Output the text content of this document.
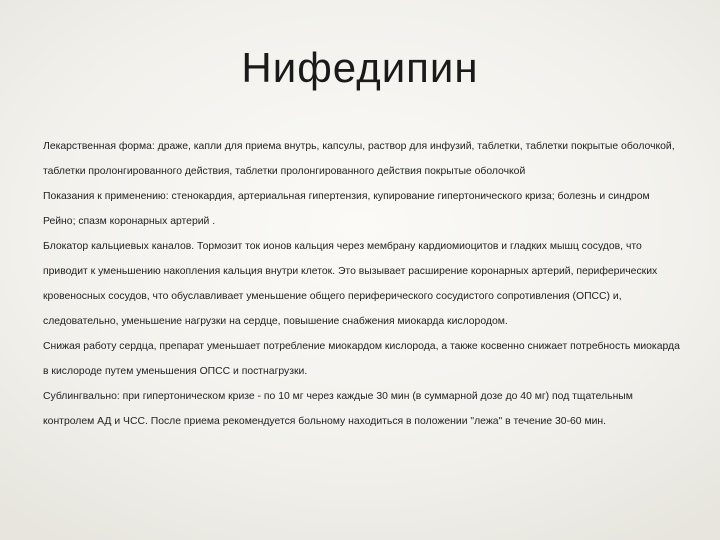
Нифедипин

Лекарственная форма: драже, капли для приема внутрь, капсулы, раствор для инфузий, таблетки, таблетки покрытые оболочкой, таблетки пролонгированного действия, таблетки пролонгированного действия покрытые оболочкой

Показания к применению: стенокардия, артериальная гипертензия, купирование гипертонического криза; болезнь и синдром Рейно; спазм коронарных артерий .

Блокатор кальциевых каналов. Тормозит ток ионов кальция через мембрану кардиомиоцитов и гладких мышц сосудов, что приводит к уменьшению накопления кальция внутри клеток. Это вызывает расширение коронарных артерий, периферических кровеносных сосудов, что обуславливает уменьшение общего периферического сосудистого сопротивления (ОПСС) и, следовательно, уменьшение нагрузки на сердце, повышение снабжения миокарда кислородом.

Снижая работу сердца, препарат уменьшает потребление миокардом кислорода, а также косвенно снижает потребность миокарда в кислороде путем уменьшения ОПСС и постнагрузки.

Сублингвально: при гипертоническом кризе - по 10 мг через каждые 30 мин (в суммарной дозе до 40 мг) под тщательным контролем АД и ЧСС. После приема рекомендуется больному находиться в положении "лежа" в течение 30-60 мин.
